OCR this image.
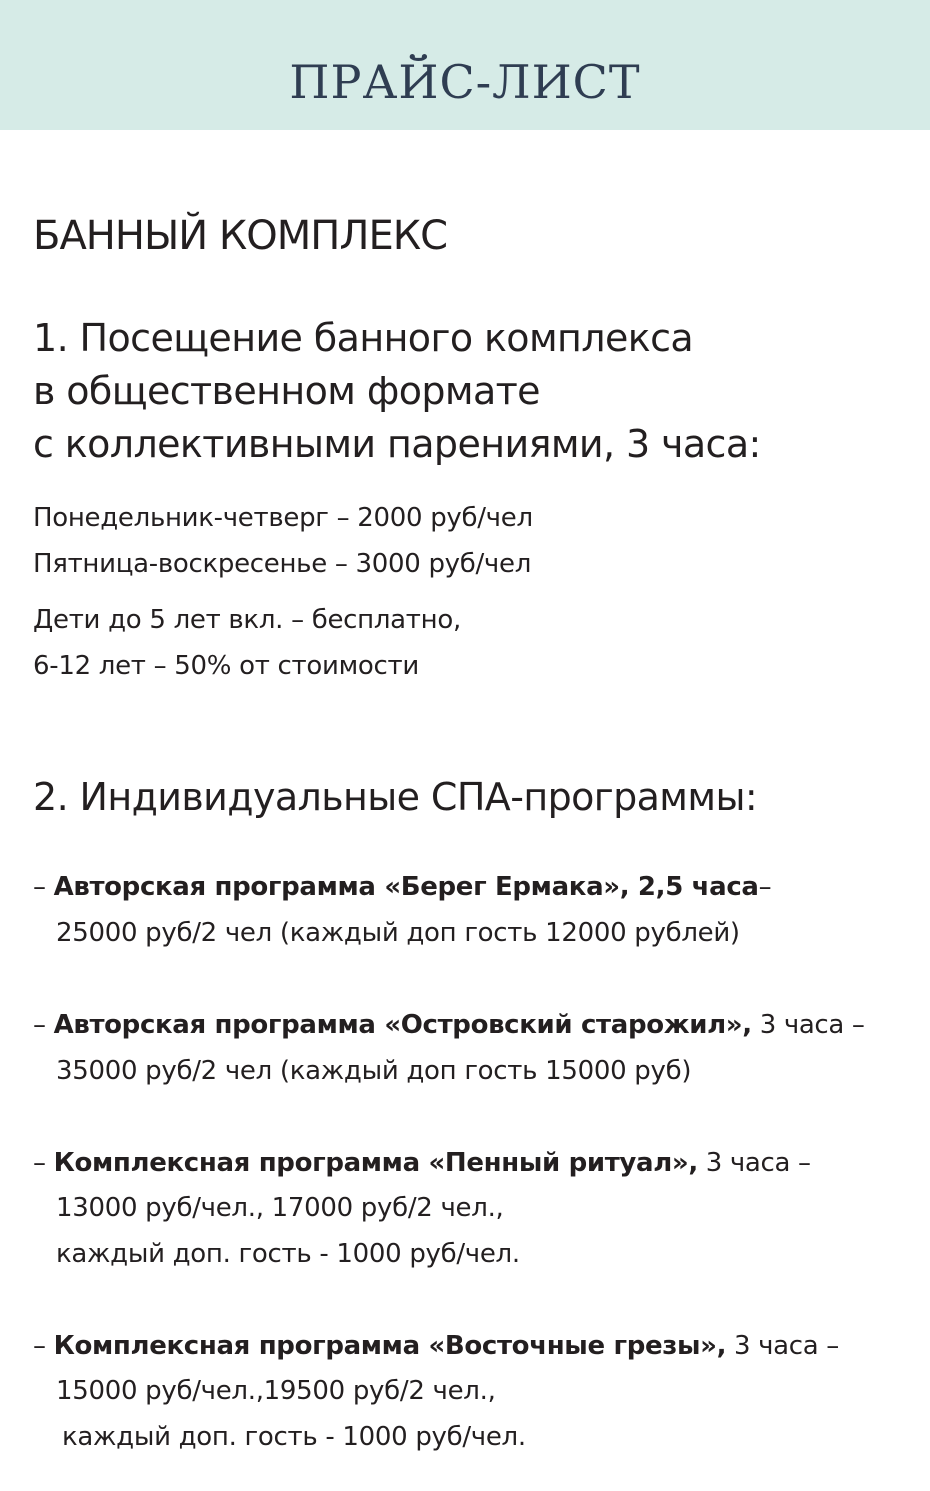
ПРАЙС-ЛИСТ
БАННЫЙ КОМПЛЕКС
1. Посещение банного комплекса
в общественном формате
с коллективными парениями, 3 часа:
Понедельник-четверг – 2000 руб/чел
Пятница-воскресенье – 3000 руб/чел
Дети до 5 лет вкл. – бесплатно,
6-12 лет – 50% от стоимости
2. Индивидуальные СПА-программы:
– Авторская программа «Берег Ермака», 2,5 часа–
25000 руб/2 чел (каждый доп гость 12000 рублей)
– Авторская программа «Островский старожил», 3 часа –
35000 руб/2 чел (каждый доп гость 15000 руб)
– Комплексная программа «Пенный ритуал», 3 часа –
13000 руб/чел., 17000 руб/2 чел.,
каждый доп. гость - 1000 руб/чел.
– Комплексная программа «Восточные грезы», 3 часа –
15000 руб/чел.,19500 руб/2 чел.,
каждый доп. гость - 1000 руб/чел.
